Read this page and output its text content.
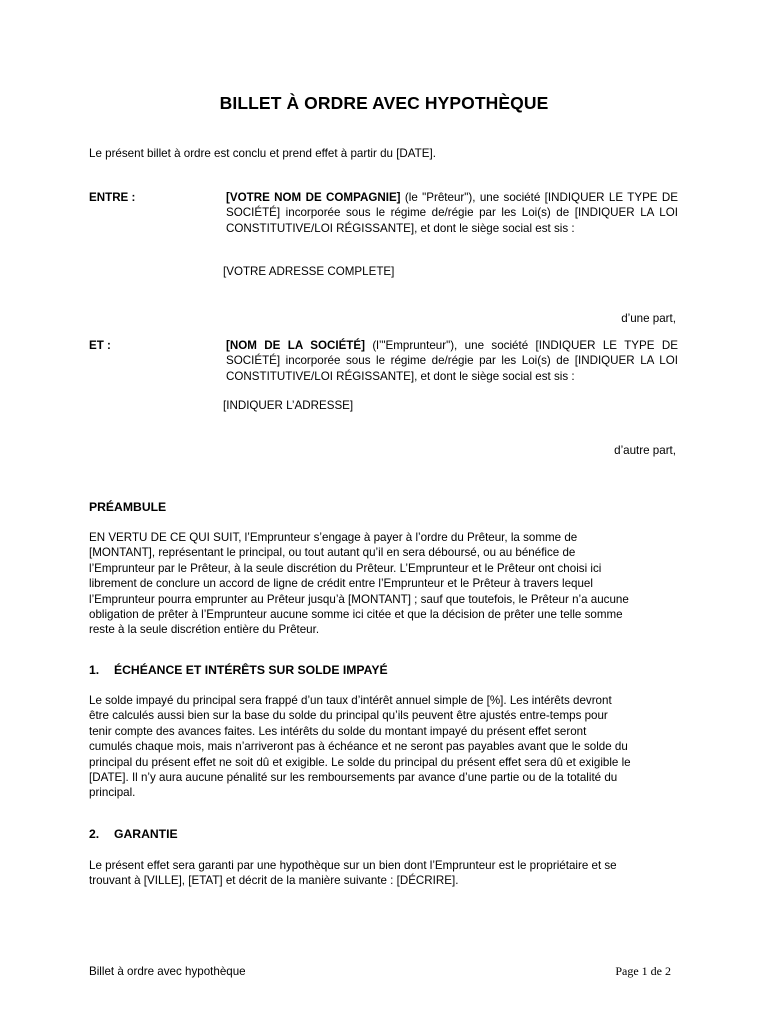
BILLET À ORDRE AVEC HYPOTHÈQUE
Le présent billet à ordre est conclu et prend effet à partir du [DATE].
ENTRE :	[VOTRE NOM DE COMPAGNIE] (le "Prêteur"), une société [INDIQUER LE TYPE DE SOCIÉTÉ] incorporée sous le régime de/régie par les Loi(s) de [INDIQUER LA LOI CONSTITUTIVE/LOI RÉGISSANTE], et dont le siège social est sis :
[VOTRE ADRESSE COMPLETE]
d’une part,
ET :	[NOM DE LA SOCIÉTÉ] (l’"Emprunteur"), une société [INDIQUER LE TYPE DE SOCIÉTÉ] incorporée sous le régime de/régie par les Loi(s) de [INDIQUER LA LOI CONSTITUTIVE/LOI RÉGISSANTE], et dont le siège social est sis :
[INDIQUER L’ADRESSE]
d’autre part,
PRÉAMBULE

EN VERTU DE CE QUI SUIT, l’Emprunteur s’engage à payer à l’ordre du Prêteur, la somme de

[MONTANT], représentant le principal, ou tout autant qu’il en sera déboursé, ou au bénéfice de

l’Emprunteur par le Prêteur, à la seule discrétion du Prêteur. L’Emprunteur et le Prêteur ont choisi ici

librement de conclure un accord de ligne de crédit entre l’Emprunteur et le Prêteur à travers lequel

l’Emprunteur pourra emprunter au Prêteur jusqu’à [MONTANT] ; sauf que toutefois, le Prêteur n’a aucune

obligation de prêter à l’Emprunteur aucune somme ici citée et que la décision de prêter une telle somme

reste à la seule discrétion entière du Prêteur.

1. ÉCHÉANCE ET INTÉRÊTS SUR SOLDE IMPAYÉ

Le solde impayé du principal sera frappé d’un taux d’intérêt annuel simple de [%]. Les intérêts devront

être calculés aussi bien sur la base du solde du principal qu’ils peuvent être ajustés entre-temps pour

tenir compte des avances faites. Les intérêts du solde du montant impayé du présent effet seront

cumulés chaque mois, mais n’arriveront pas à échéance et ne seront pas payables avant que le solde du

principal du présent effet ne soit dû et exigible. Le solde du principal du présent effet sera dû et exigible le

[DATE]. Il n’y aura aucune pénalité sur les remboursements par avance d’une partie ou de la totalité du

principal.

2. GARANTIE

Le présent effet sera garanti par une hypothèque sur un bien dont l’Emprunteur est le propriétaire et se

trouvant à [VILLE], [ETAT] et décrit de la manière suivante : [DÉCRIRE].

Billet à ordre avec hypothèque	Page 1 de 2
